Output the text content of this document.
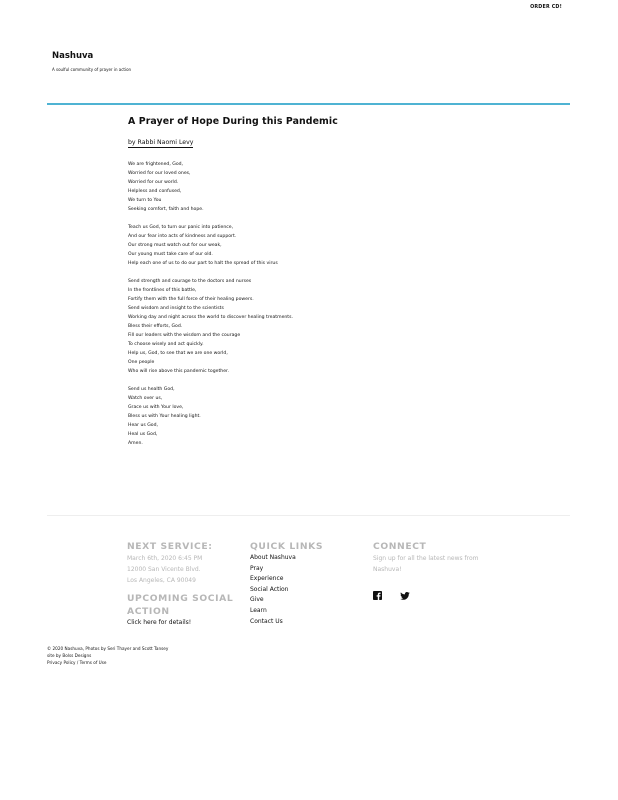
ORDER CD!
Nashuva
A soulful community of prayer in action
A Prayer of Hope During this Pandemic
by Rabbi Naomi Levy
We are frightened, God,
Worried for our loved ones,
Worried for our world.
Helpless and confused,
We turn to You
Seeking comfort, faith and hope.
Teach us God, to turn our panic into patience,
And our fear into acts of kindness and support.
Our strong must watch out for our weak,
Our young must take care of our old.
Help each one of us to do our part to halt the spread of this virus
Send strength and courage to the doctors and nurses
In the frontlines of this battle,
Fortify them with the full force of their healing powers.
Send wisdom and insight to the scientists
Working day and night across the world to discover healing treatments.
Bless their efforts, God.
Fill our leaders with the wisdom and the courage
To choose wisely and act quickly.
Help us, God, to see that we are one world,
One people
Who will rise above this pandemic together.
Send us health God,
Watch over us,
Grace us with Your love,
Bless us with Your healing light.
Hear us God,
Heal us God,
Amen.
NEXT SERVICE:
March 6th, 2020 6:45 PM
12000 San Vicente Blvd.
Los Angeles, CA 90049
UPCOMING SOCIAL
ACTION
Click here for details!
QUICK LINKS
About Nashuva
Pray
Experience
Social Action
Give
Learn
Contact Us
CONNECT
Sign up for all the latest news from
Nashuva!
© 2020 Nashuva, Photos by Seri Thayer and Scott Tansey
site by Bolss Designs
Privacy Policy / Terms of Use
